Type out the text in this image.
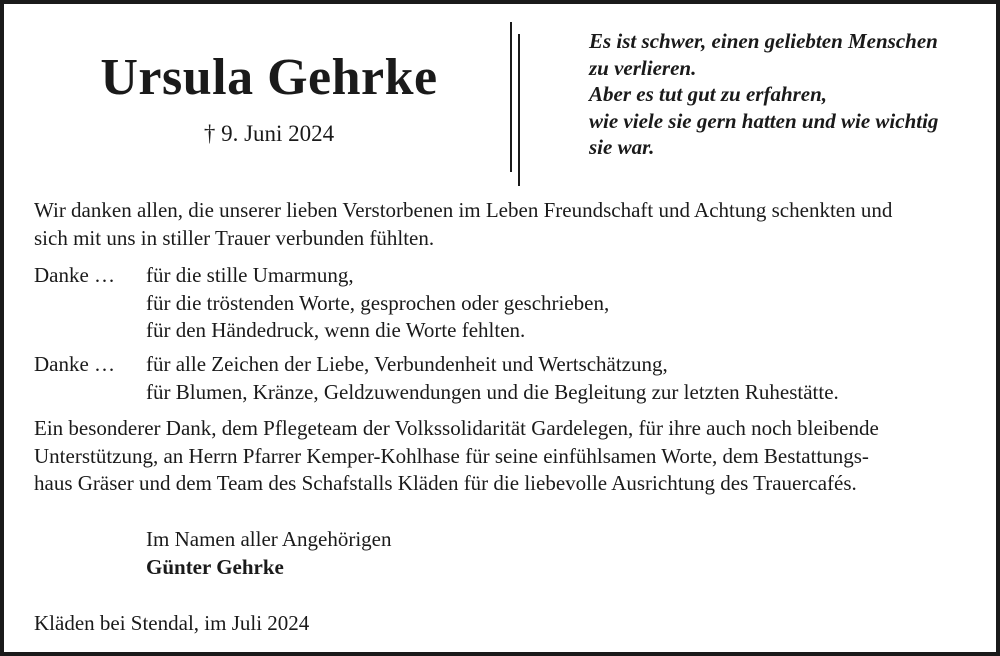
Ursula Gehrke
† 9. Juni 2024
Es ist schwer, einen geliebten Menschen
zu verlieren.
Aber es tut gut zu erfahren,
wie viele sie gern hatten und wie wichtig
sie war.
Wir danken allen, die unserer lieben Verstorbenen im Leben Freundschaft und Achtung schenkten und
sich mit uns in stiller Trauer verbunden fühlten.
Danke … für die stille Umarmung,
für die tröstenden Worte, gesprochen oder geschrieben,
für den Händedruck, wenn die Worte fehlten.
Danke … für alle Zeichen der Liebe, Verbundenheit und Wertschätzung,
für Blumen, Kränze, Geldzuwendungen und die Begleitung zur letzten Ruhestätte.
Ein besonderer Dank, dem Pflegeteam der Volkssolidarität Gardelegen, für ihre auch noch bleibende
Unterstützung, an Herrn Pfarrer Kemper-Kohlhase für seine einfühlsamen Worte, dem Bestattungs-
haus Gräser und dem Team des Schafstalls Kläden für die liebevolle Ausrichtung des Trauercafés.
Im Namen aller Angehörigen
Günter Gehrke
Kläden bei Stendal, im Juli 2024
